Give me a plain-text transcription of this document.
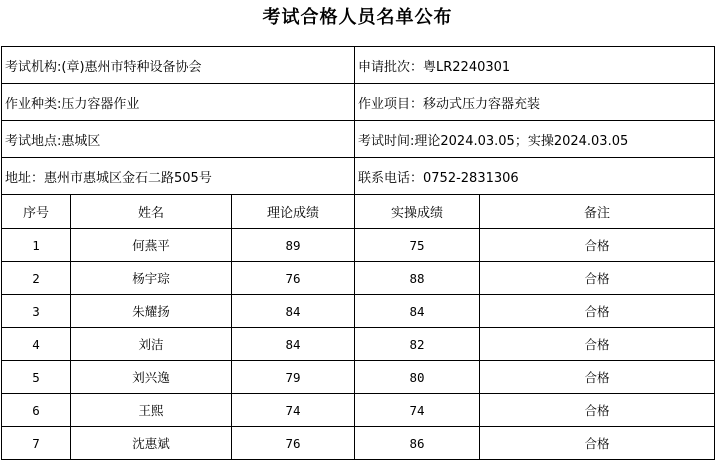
考试合格人员名单公布
考试机构:(章)惠州市特种设备协会			申请批次：粤LR2240301	
作业种类:压力容器作业			作业项目：移动式压力容器充装	
考试地点:惠城区			考试时间:理论2024.03.05；实操2024.03.05	
地址：惠州市惠城区金石二路505号			联系电话：0752-2831306	
序号	姓名	理论成绩	实操成绩	备注
1	何燕平	89	75	合格
2	杨宇琮	76	88	合格
3	朱耀扬	84	84	合格
4	刘洁	84	82	合格
5	刘兴逸	79	80	合格
6	王熙	74	74	合格
7	沈惠斌	76	86	合格
